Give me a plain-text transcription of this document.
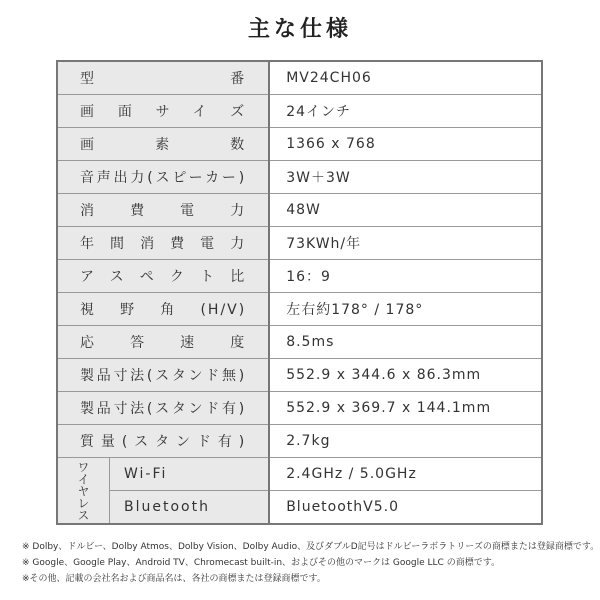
主な仕様
型番		MV24CH06
画面サイズ		24インチ
画素数		1366 x 768
音声出力(スピーカー)		3W＋3W
消費電力		48W
年間消費電力		73KWh/年
アスペクト比		16：9
視野角(H/V)		左右約178° / 178°
応答速度		8.5ms
製品寸法(スタンド無)		552.9 x 344.6 x 86.3mm
製品寸法(スタンド有)		552.9 x 369.7 x 144.1mm
質量(スタンド有)		2.7kg
ワイヤレス	Wi-Fi	2.4GHz / 5.0GHz
	Bluetooth	BluetoothV5.0
※ Dolby、ドルビー、Dolby Atmos、Dolby Vision、Dolby Audio、及びダブルD記号はドルビーラボラトリーズの商標または登録商標です。
※ Google、Google Play、Android TV、Chromecast built-in、およびその他のマークは Google LLC の商標です。
※その他、記載の会社名および商品名は、各社の商標または登録商標です。
